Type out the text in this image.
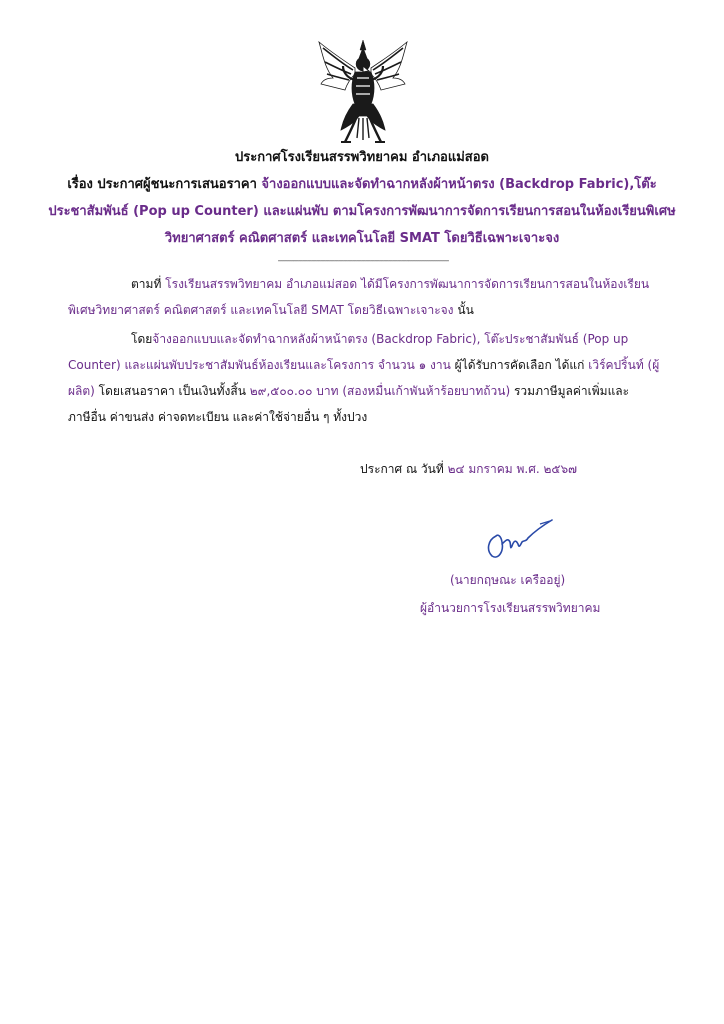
ประกาศโรงเรียนสรรพวิทยาคม อำเภอแม่สอด
เรื่อง ประกาศผู้ชนะการเสนอราคา จ้างออกแบบและจัดทำฉากหลังผ้าหน้าตรง (Backdrop Fabric),โต๊ะ
ประชาสัมพันธ์ (Pop up Counter) และแผ่นพับ ตามโครงการพัฒนาการจัดการเรียนการสอนในห้องเรียนพิเศษ
วิทยาศาสตร์ คณิตศาสตร์ และเทคโนโลยี SMAT โดยวิธีเฉพาะเจาะจง
----------------------------------------------------------------------------
ตามที่ โรงเรียนสรรพวิทยาคม อำเภอแม่สอด ได้มีโครงการพัฒนาการจัดการเรียนการสอนในห้องเรียน
พิเศษวิทยาศาสตร์ คณิตศาสตร์ และเทคโนโลยี SMAT โดยวิธีเฉพาะเจาะจง นั้น
โดยจ้างออกแบบและจัดทำฉากหลังผ้าหน้าตรง (Backdrop Fabric), โต๊ะประชาสัมพันธ์ (Pop up
Counter) และแผ่นพับประชาสัมพันธ์ห้องเรียนและโครงการ จำนวน ๑ งาน ผู้ได้รับการคัดเลือก ได้แก่ เวิร์คปริ้นท์ (ผู้
ผลิต) โดยเสนอราคา เป็นเงินทั้งสิ้น ๒๙,๕๐๐.๐๐ บาท (สองหมื่นเก้าพันห้าร้อยบาทถ้วน) รวมภาษีมูลค่าเพิ่มและ
ภาษีอื่น ค่าขนส่ง ค่าจดทะเบียน และค่าใช้จ่ายอื่น ๆ ทั้งปวง
ประกาศ ณ วันที่ ๒๔ มกราคม พ.ศ. ๒๕๖๗
(นายกฤษณะ เครืออยู่)
ผู้อำนวยการโรงเรียนสรรพวิทยาคม
